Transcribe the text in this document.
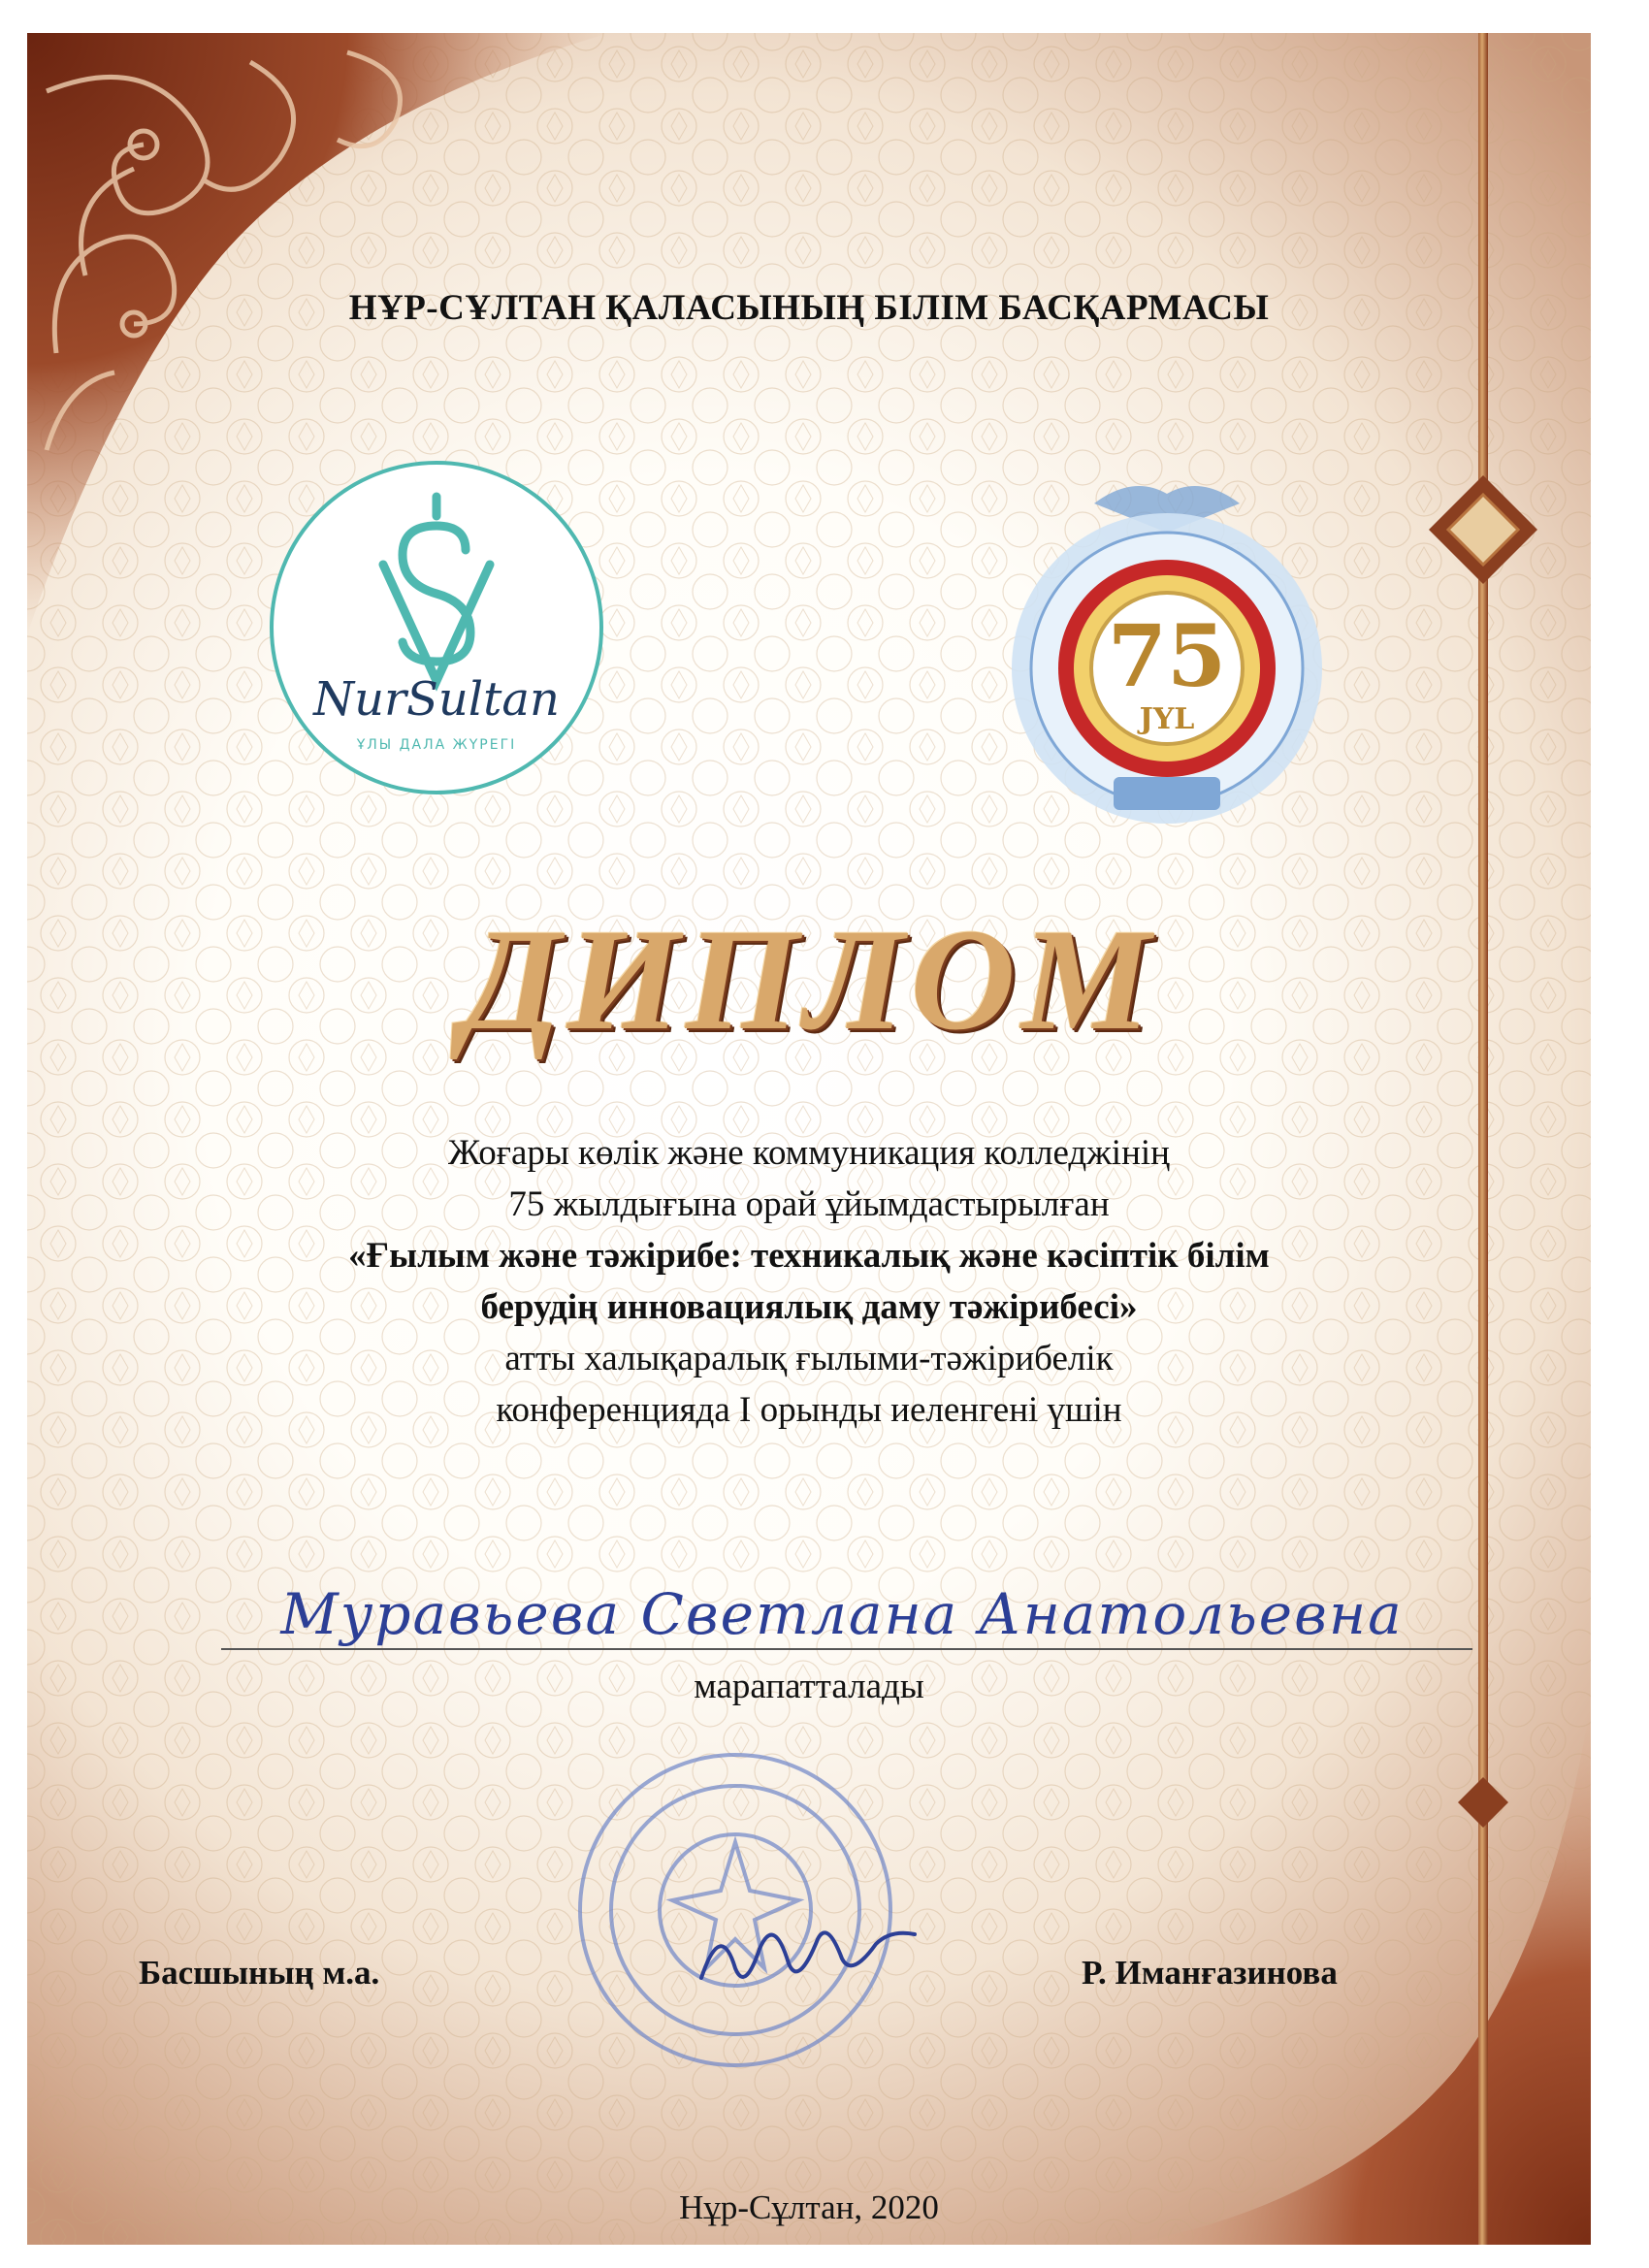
НҰР-СҰЛТАН ҚАЛАСЫНЫҢ БІЛІМ БАСҚАРМАСЫ
NurSultan
ҰЛЫ ДАЛА ЖҮРЕГІ
75
JYL
ДИПЛОМ
Жоғары көлік және коммуникация колледжінің
75 жылдығына орай ұйымдастырылған
«Ғылым және тәжірибе: техникалық және кәсіптік білім
берудің инновациялық даму тәжірибесі»
атты халықаралық ғылыми-тәжірибелік
конференцияда І орынды иеленгені үшін
Муравьева Светлана Анатольевна
марапатталады
Басшының м.а.	Р. Иманғазинова
Нұр-Сұлтан, 2020
